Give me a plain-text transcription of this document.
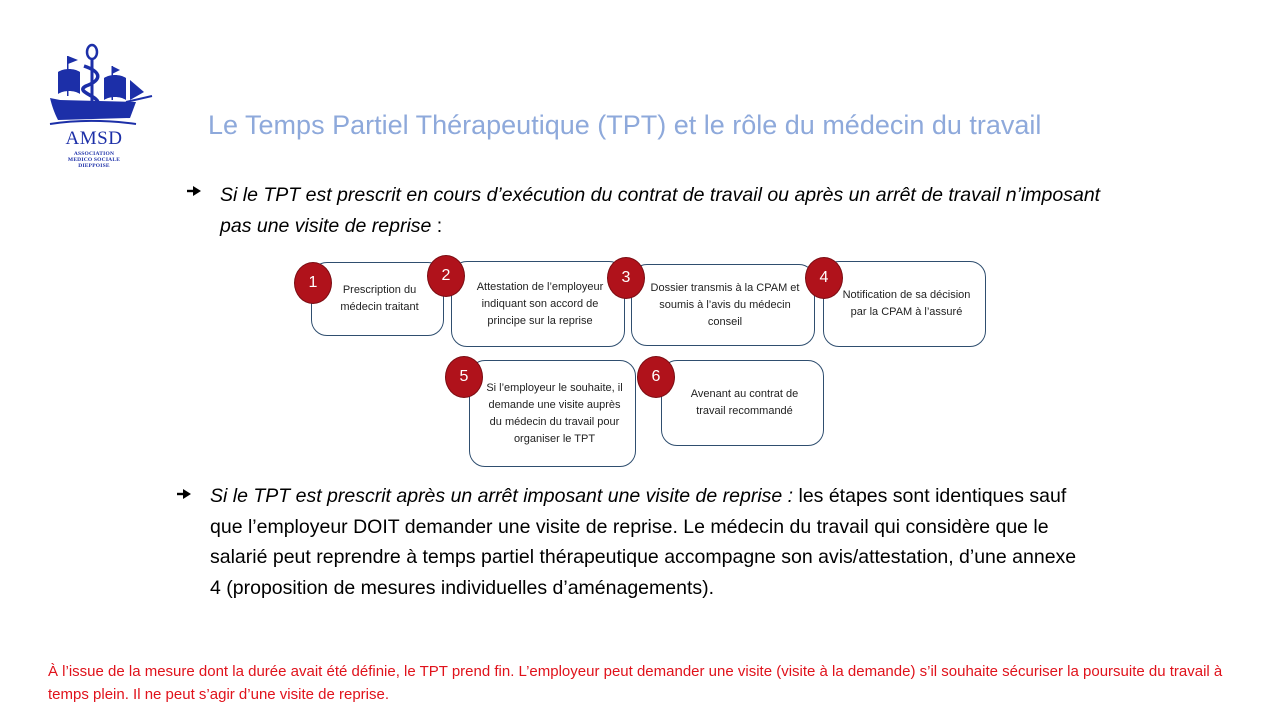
AMSD
ASSOCIATION
MEDICO SOCIALE
DIEPPOISE
Le Temps Partiel Thérapeutique (TPT) et le rôle du médecin du travail
Si le TPT est prescrit en cours d’exécution du contrat de travail ou après un arrêt de travail n’imposant pas une visite de reprise :
Prescription du médecin traitant
1	Attestation de l’employeur indiquant son accord de principe sur la reprise
2
Dossier transmis à la CPAM et soumis à l’avis du médecin conseil
3
Notification de sa décision par la CPAM à l’assuré
4
Si l’employeur le souhaite, il demande une visite auprès du médecin du travail pour organiser le TPT
5
Avenant au contrat de travail recommandé
6
Si le TPT est prescrit après un arrêt imposant une visite de reprise : les étapes sont identiques sauf que l’employeur DOIT demander une visite de reprise. Le médecin du travail qui considère que le salarié peut reprendre à temps partiel thérapeutique accompagne son avis/attestation, d’une annexe 4 (proposition de mesures individuelles d’aménagements).
À l’issue de la mesure dont la durée avait été définie, le TPT prend fin. L’employeur peut demander une visite (visite à la demande) s’il souhaite sécuriser la poursuite du travail à temps plein. Il ne peut s’agir d’une visite de reprise.
